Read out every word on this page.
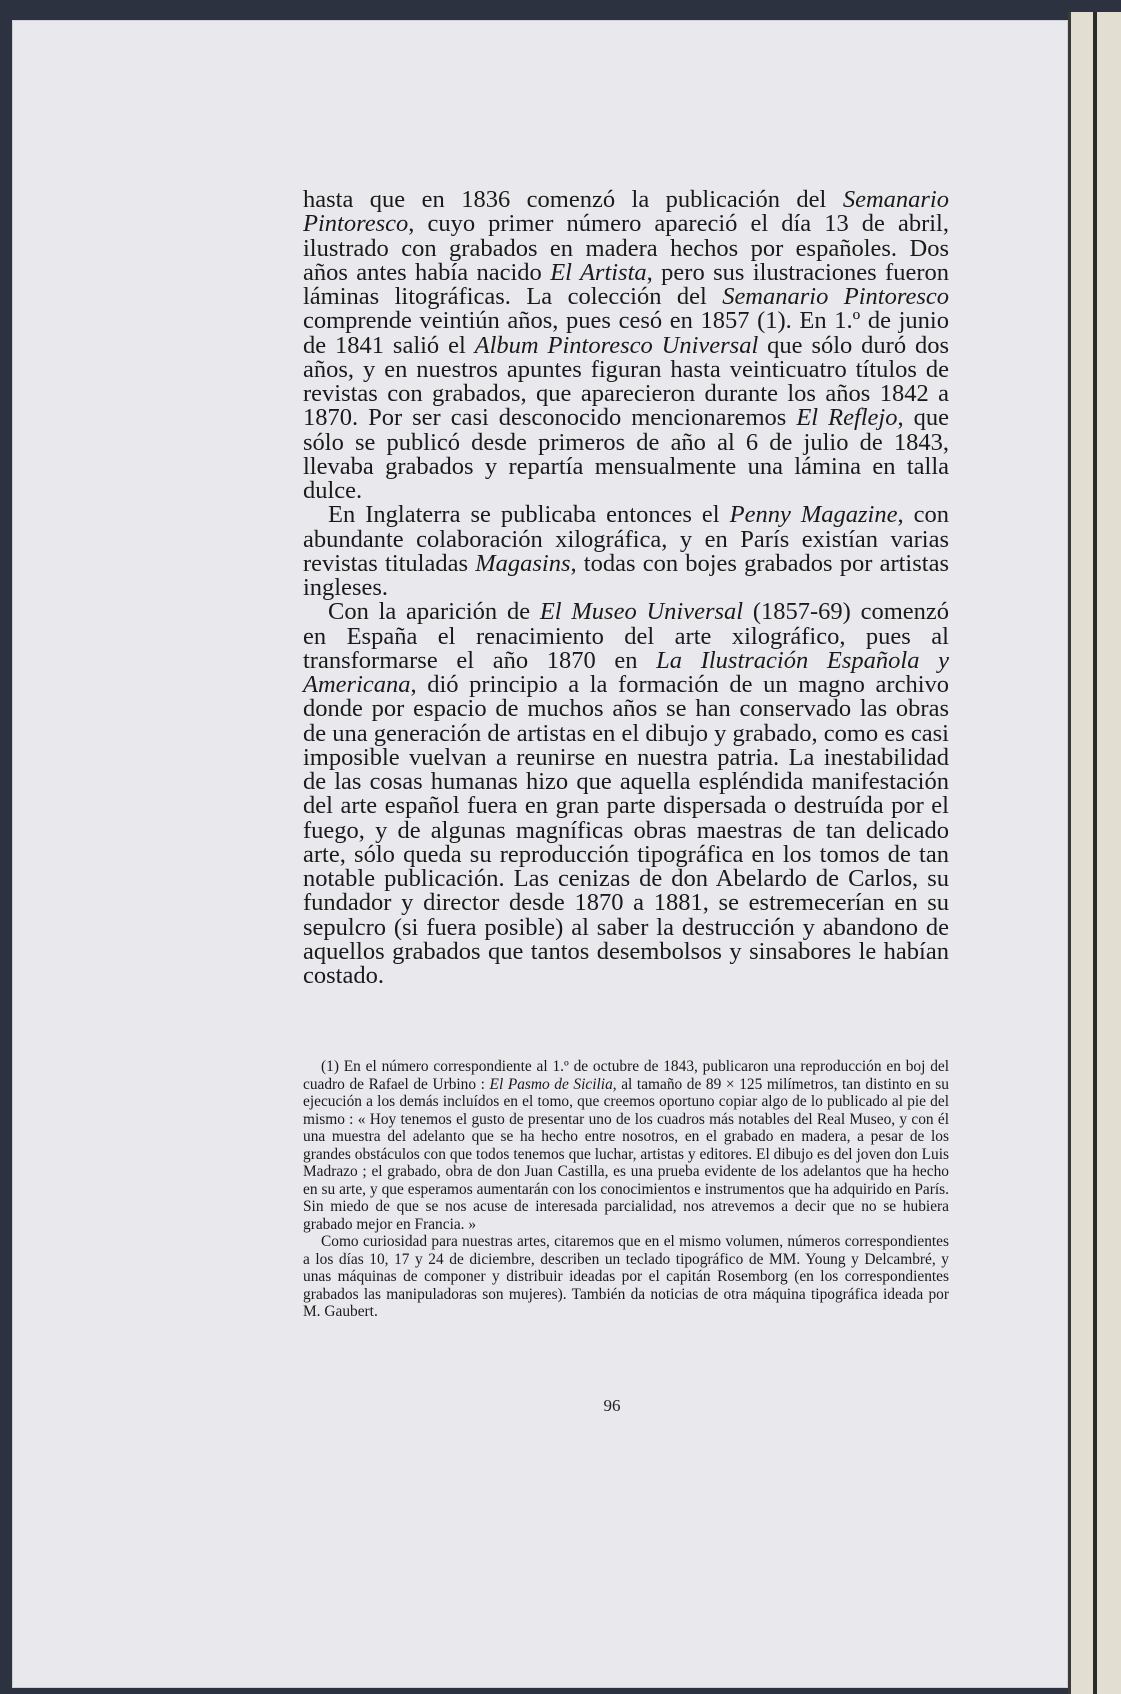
hasta que en 1836 comenzó la publicación del Semanario Pintoresco, cuyo primer número apareció el día 13 de abril, ilustrado con grabados en madera hechos por españoles. Dos años antes había nacido El Artista, pero sus ilustraciones fueron láminas litográficas. La colección del Semanario Pintoresco comprende veintiún años, pues cesó en 1857 (1). En 1.º de junio de 1841 salió el Album Pintoresco Universal que sólo duró dos años, y en nuestros apuntes figuran hasta veinticuatro títulos de revistas con grabados, que aparecieron durante los años 1842 a 1870. Por ser casi desconocido mencionaremos El Reflejo, que sólo se publicó desde primeros de año al 6 de julio de 1843, llevaba grabados y repartía mensualmente una lámina en talla dulce.

En Inglaterra se publicaba entonces el Penny Magazine, con abundante colaboración xilográfica, y en París existían varias revistas tituladas Magasins, todas con bojes grabados por artistas ingleses.

Con la aparición de El Museo Universal (1857-69) comenzó en España el renacimiento del arte xilográfico, pues al transformarse el año 1870 en La Ilustración Española y Americana, dió principio a la formación de un magno archivo donde por espacio de muchos años se han conservado las obras de una generación de artistas en el dibujo y grabado, como es casi imposible vuelvan a reunirse en nuestra patria. La inestabilidad de las cosas humanas hizo que aquella espléndida manifestación del arte español fuera en gran parte dispersada o destruída por el fuego, y de algunas magníficas obras maestras de tan delicado arte, sólo queda su reproducción tipográfica en los tomos de tan notable publicación. Las cenizas de don Abelardo de Carlos, su fundador y director desde 1870 a 1881, se estremecerían en su sepulcro (si fuera posible) al saber la destrucción y abandono de aquellos grabados que tantos desembolsos y sinsabores le habían costado.

(1) En el número correspondiente al 1.º de octubre de 1843, publicaron una reproducción en boj del cuadro de Rafael de Urbino : El Pasmo de Sicilia, al tamaño de 89 × 125 milímetros, tan distinto en su ejecución a los demás incluídos en el tomo, que creemos oportuno copiar algo de lo publicado al pie del mismo : « Hoy tenemos el gusto de presentar uno de los cuadros más notables del Real Museo, y con él una muestra del adelanto que se ha hecho entre nosotros, en el grabado en madera, a pesar de los grandes obstáculos con que todos tenemos que luchar, artistas y editores. El dibujo es del joven don Luis Madrazo ; el grabado, obra de don Juan Castilla, es una prueba evidente de los adelantos que ha hecho en su arte, y que esperamos aumentarán con los conocimientos e instrumentos que ha adquirido en París. Sin miedo de que se nos acuse de interesada parcialidad, nos atrevemos a decir que no se hubiera grabado mejor en Francia. »

Como curiosidad para nuestras artes, citaremos que en el mismo volumen, números correspondientes a los días 10, 17 y 24 de diciembre, describen un teclado tipográfico de MM. Young y Delcambré, y unas máquinas de componer y distribuir ideadas por el capitán Rosemborg (en los correspondientes grabados las manipuladoras son mujeres). También da noticias de otra máquina tipográfica ideada por M. Gaubert.

96
